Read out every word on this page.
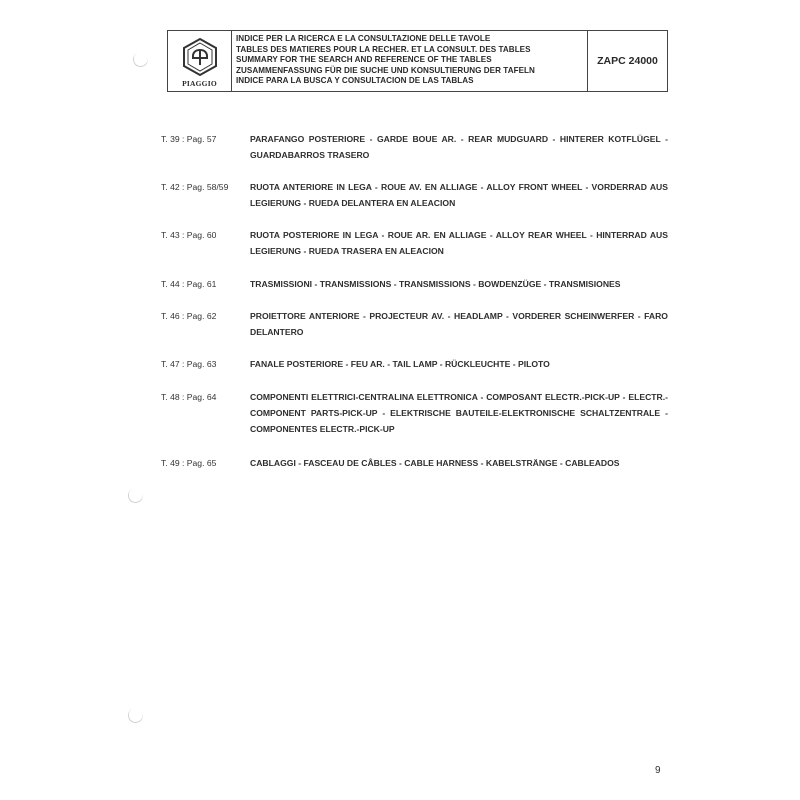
PIAGGIO
INDICE PER LA RICERCA E LA CONSULTAZIONE DELLE TAVOLE
TABLES DES MATIERES POUR LA RECHER. ET LA CONSULT. DES TABLES
SUMMARY FOR THE SEARCH AND REFERENCE OF THE TABLES
ZUSAMMENFASSUNG FÜR DIE SUCHE UND KONSULTIERUNG DER TAFELN
INDICE PARA LA BUSCA Y CONSULTACION DE LAS TABLAS
ZAPC 24000
T. 39 : Pag. 57	PARAFANGO POSTERIORE - GARDE BOUE AR. - REAR MUDGUARD - HINTERER KOTFLÜGEL - GUARDABARROS TRASERO
T. 42 : Pag. 58/59	RUOTA ANTERIORE IN LEGA - ROUE AV. EN ALLIAGE - ALLOY FRONT WHEEL - VORDERRAD AUS LEGIERUNG - RUEDA DELANTERA EN ALEACION
T. 43 : Pag. 60	RUOTA POSTERIORE IN LEGA - ROUE AR. EN ALLIAGE - ALLOY REAR WHEEL - HINTERRAD AUS LEGIERUNG - RUEDA TRASERA EN ALEACION
T. 44 : Pag. 61	TRASMISSIONI - TRANSMISSIONS - TRANSMISSIONS - BOWDENZÜGE - TRANSMISIONES
T. 46 : Pag. 62	PROIETTORE ANTERIORE - PROJECTEUR AV. - HEADLAMP - VORDERER SCHEINWERFER - FARO DELANTERO
T. 47 : Pag. 63	FANALE POSTERIORE - FEU AR. - TAIL LAMP - RÜCKLEUCHTE - PILOTO
T. 48 : Pag. 64	COMPONENTI ELETTRICI-CENTRALINA ELETTRONICA - COMPOSANT ELECTR.-PICK-UP - ELECTR.-COMPONENT PARTS-PICK-UP - ELEKTRISCHE BAUTEILE-ELEKTRONISCHE SCHALTZENTRALE - COMPONENTES ELECTR.-PICK-UP
T. 49 : Pag. 65	CABLAGGI - FASCEAU DE CÂBLES - CABLE HARNESS - KABELSTRÄNGE - CABLEADOS
9
